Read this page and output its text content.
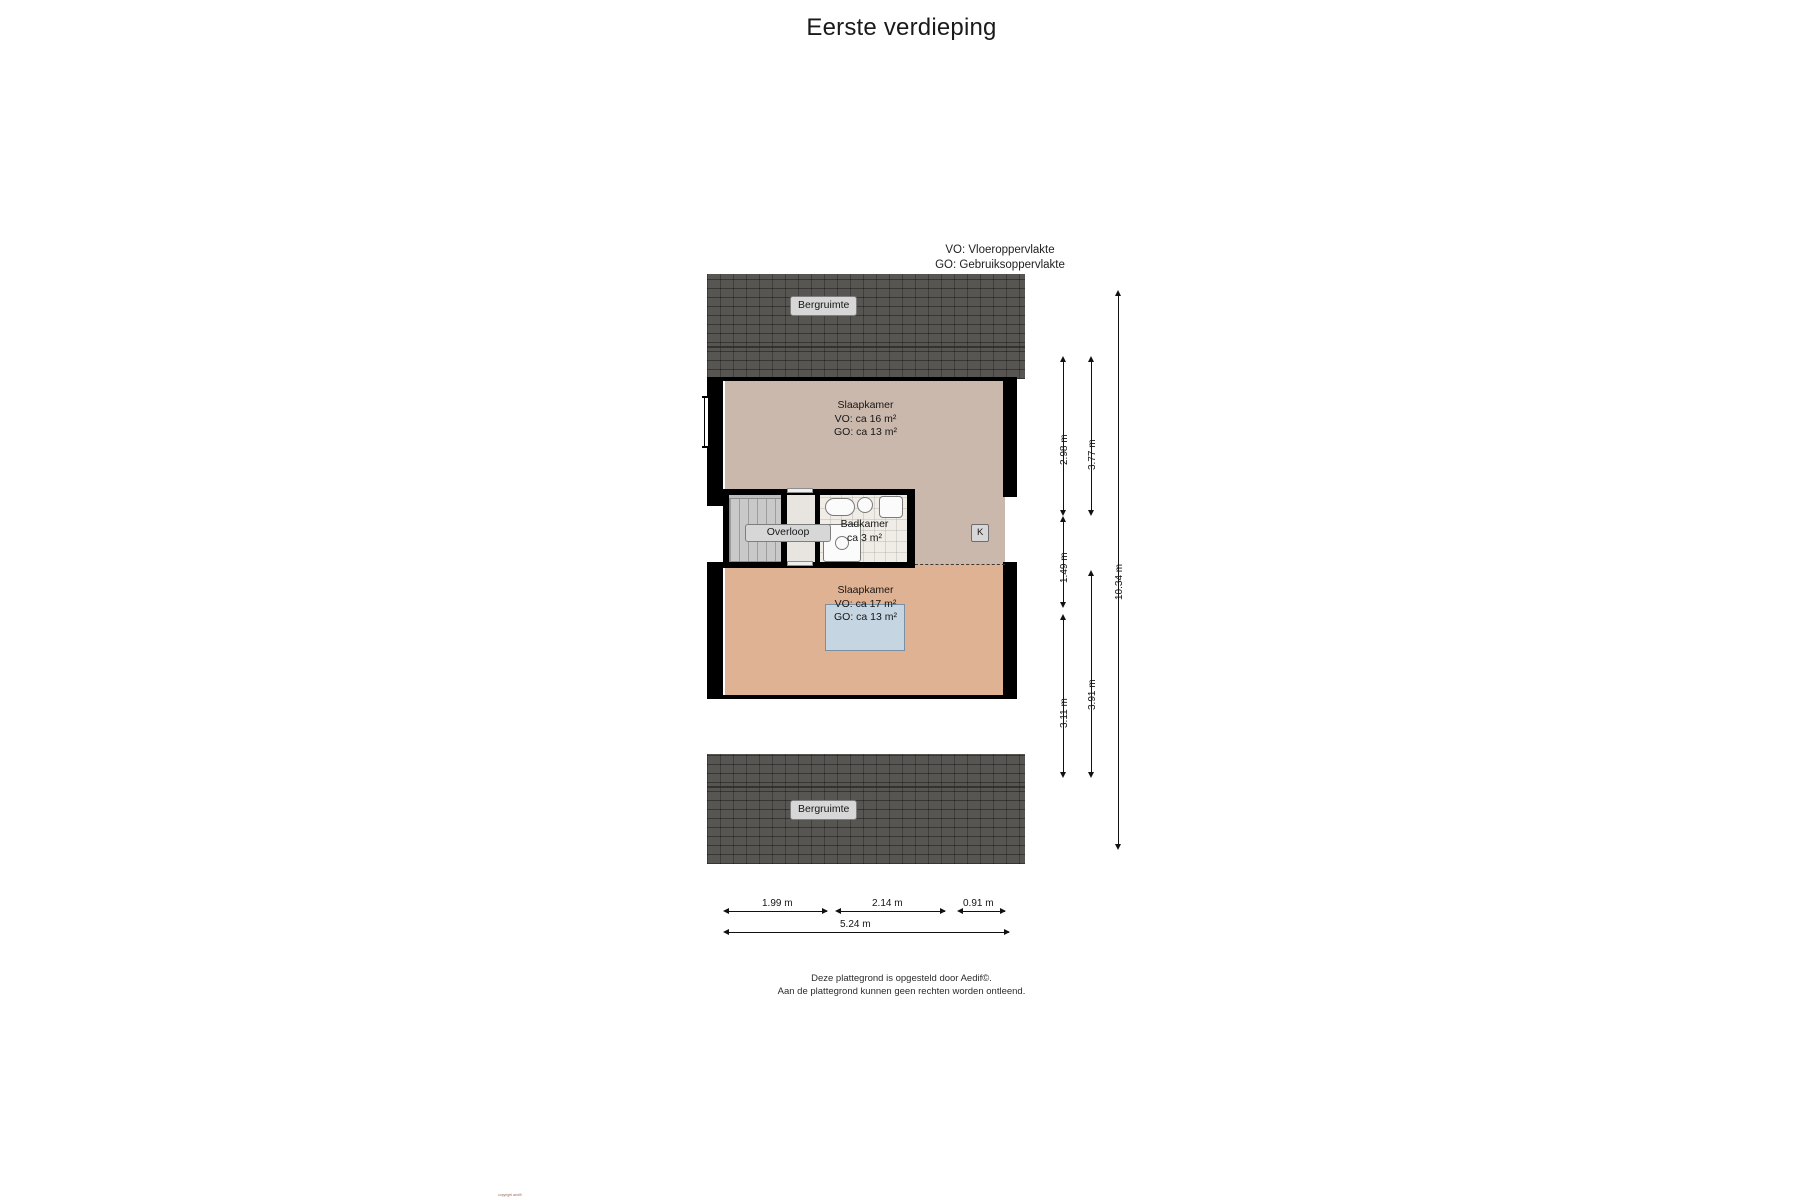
Eerste verdieping
VO: Vloeroppervlakte
GO: Gebruiksoppervlakte
Bergruimte
Bergruimte
Slaapkamer
VO: ca 16 m²
GO: ca 13 m²
Slaapkamer
VO: ca 17 m²
GO: ca 13 m²
Badkamer
ca 3 m²
Overloop	K
2.98 m
1.49 m
3.11 m
3.77 m
3.91 m
10.34 m
1.99 m	2.14 m	0.91 m
5.24 m
Deze plattegrond is opgesteld door Aedif©.
Aan de plattegrond kunnen geen rechten worden ontleend.
copyright aedifi
